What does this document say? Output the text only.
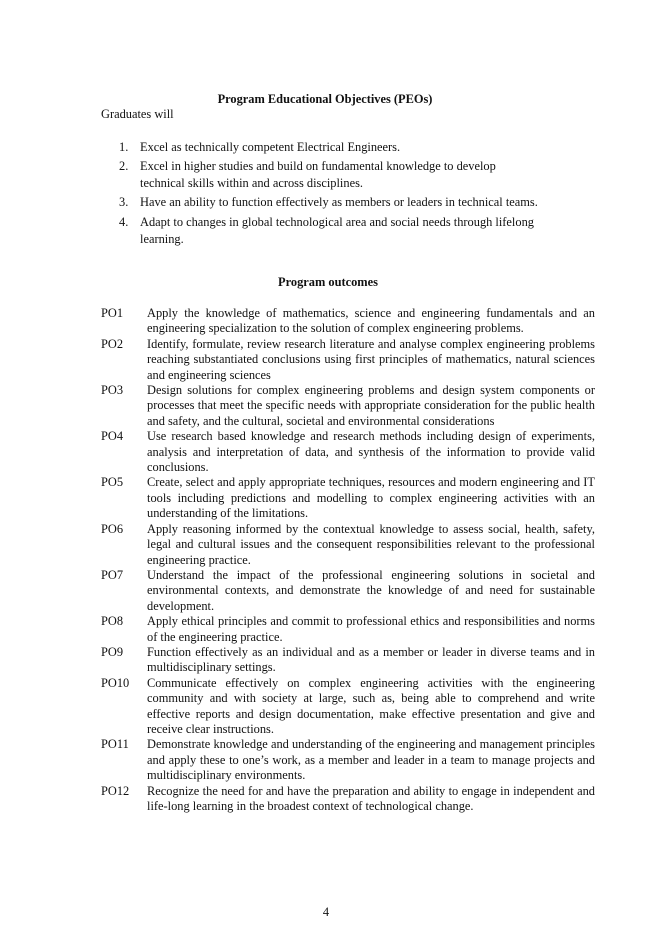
Program Educational Objectives (PEOs)
Graduates will
1. Excel as technically competent Electrical Engineers.
2. Excel in higher studies and build on fundamental knowledge to develop technical skills within and across disciplines.
3. Have an ability to function effectively as members or leaders in technical teams.
4. Adapt to changes in global technological area and social needs through lifelong learning.
Program outcomes
PO1	Apply the knowledge of mathematics, science and engineering fundamentals and an engineering specialization to the solution of complex engineering problems.
PO2	Identify, formulate, review research literature and analyse complex engineering problems reaching substantiated conclusions using first principles of mathematics, natural sciences and engineering sciences
PO3	Design solutions for complex engineering problems and design system components or processes that meet the specific needs with appropriate consideration for the public health and safety, and the cultural, societal and environmental considerations
PO4	Use research based knowledge and research methods including design of experiments, analysis and interpretation of data, and synthesis of the information to provide valid conclusions.
PO5	Create, select and apply appropriate techniques, resources and modern engineering and IT tools including predictions and modelling to complex engineering activities with an understanding of the limitations.
PO6	Apply reasoning informed by the contextual knowledge to assess social, health, safety, legal and cultural issues and the consequent responsibilities relevant to the professional engineering practice.
PO7	Understand the impact of the professional engineering solutions in societal and environmental contexts, and demonstrate the knowledge of and need for sustainable development.
PO8	Apply ethical principles and commit to professional ethics and responsibilities and norms of the engineering practice.
PO9	Function effectively as an individual and as a member or leader in diverse teams and in multidisciplinary settings.
PO10	Communicate effectively on complex engineering activities with the engineering community and with society at large, such as, being able to comprehend and write effective reports and design documentation, make effective presentation and give and receive clear instructions.
PO11	Demonstrate knowledge and understanding of the engineering and management principles and apply these to one’s work, as a member and leader in a team to manage projects and multidisciplinary environments.
PO12	Recognize the need for and have the preparation and ability to engage in independent and life-long learning in the broadest context of technological change.
4
